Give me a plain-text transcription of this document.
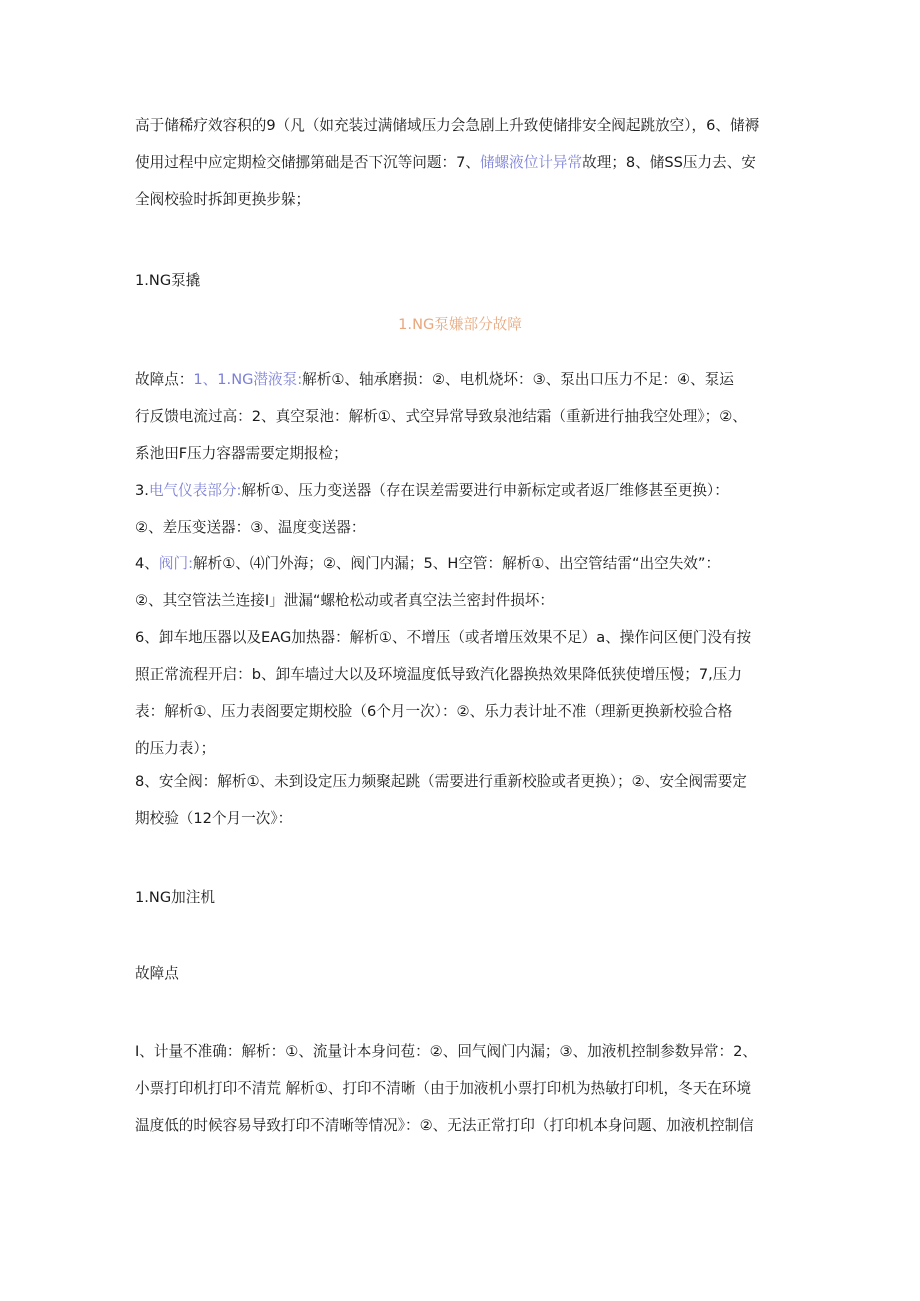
高于储稀疗效容积的9（凡（如充装过满储域压力会急剧上升致使储排安全阀起跳放空），6、储褥
使用过程中应定期检交储挪第础是否下沉等问题：7、储螺液位计异常故理；8、储SS压力去、安
全阀校验时拆卸更换步躲；

1.NG泵撬

1.NG泵嫌部分故障

故障点：1、1.NG潜液泵:解析①、轴承磨损：②、电机烧坏：③、泵出口压力不足：④、泵运
行反馈电流过高：2、真空泵池：解析①、式空异常导致泉池结霜（重新进行抽我空处理》；②、
系池田F压力容器需要定期报检；
3.电气仪表部分:解析①、压力变送器（存在误差需要进行申新标定或者返厂维修甚至更换）：
②、差压变送器：③、温度变送器：
4、阀门:解析①、⑷门外海；②、阀门内漏；5、H空管：解析①、出空管结雷“出空失效”：
②、其空管法兰连接I」泄漏“螺枪松动或者真空法兰密封件损坏：
6、卸车地压器以及EAG加热器：解析①、不增压（或者增压效果不足）a、操作问区便门没有按
照正常流程开启：b、卸车墙过大以及环境温度低导致汽化器换热效果降低狭使增压慢；7,压力
表：解析①、压力表阁要定期校脸（6个月一次）：②、乐力表计址不准（理新更换新校验合格
的压力表）；
8、安全阀：解析①、未到设定压力频聚起跳（需要进行重新校脸或者更换）；②、安全阀需要定
期校验（12个月一次》：

1.NG加注机

故障点

I、计量不准确：解析：①、流量计本身问苞：②、回气阀门内漏；③、加液机控制参数异常：2、
小票打印机打印不清荒 解析①、打印不清晰（由于加液机小票打印机为热敏打印机，冬天在环境
温度低的时候容易导致打印不清晰等情况》：②、无法正常打印（打印机本身问题、加液机控制信
